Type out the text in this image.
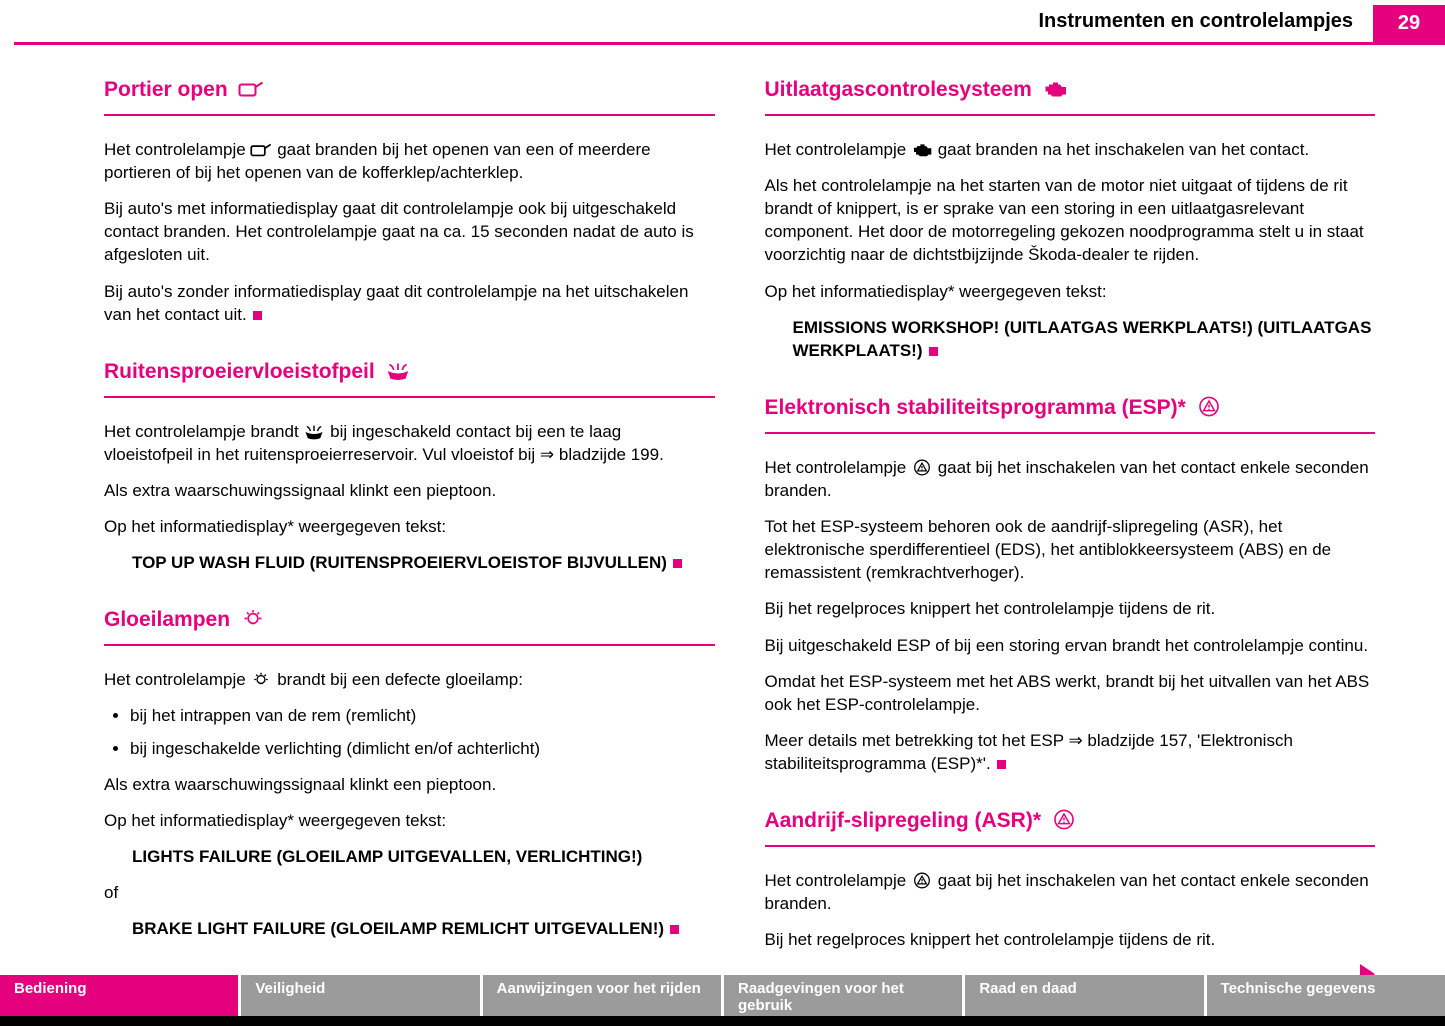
Instrumenten en controlelampjes	29
Portier open

Het controlelampje gaat branden bij het openen van een of meerdere portieren of bij het openen van de kofferklep/achterklep.

Bij auto's met informatiedisplay gaat dit controlelampje ook bij uitgeschakeld contact branden. Het controlelampje gaat na ca. 15 seconden nadat de auto is afgesloten uit.

Bij auto's zonder informatiedisplay gaat dit controlelampje na het uitschakelen van het contact uit.

Ruitensproeiervloeistofpeil

Het controlelampje brandt bij ingeschakeld contact bij een te laag vloeistofpeil in het ruitensproeierreservoir. Vul vloeistof bij ⇒ bladzijde 199.

Als extra waarschuwingssignaal klinkt een pieptoon.

Op het informatiedisplay* weergegeven tekst:

TOP UP WASH FLUID (RUITENSPROEIERVLOEISTOF BIJVULLEN)

Gloeilampen

Het controlelampje brandt bij een defecte gloeilamp:

• bij het intrappen van de rem (remlicht)
• bij ingeschakelde verlichting (dimlicht en/of achterlicht)

Als extra waarschuwingssignaal klinkt een pieptoon.

Op het informatiedisplay* weergegeven tekst:

LIGHTS FAILURE (GLOEILAMP UITGEVALLEN, VERLICHTING!)

of

BRAKE LIGHT FAILURE (GLOEILAMP REMLICHT UITGEVALLEN!)

Uitlaatgascontrolesysteem

Het controlelampje gaat branden na het inschakelen van het contact.

Als het controlelampje na het starten van de motor niet uitgaat of tijdens de rit brandt of knippert, is er sprake van een storing in een uitlaatgasrelevant component. Het door de motorregeling gekozen noodprogramma stelt u in staat voorzichtig naar de dichtstbijzijnde Škoda-dealer te rijden.

Op het informatiedisplay* weergegeven tekst:

EMISSIONS WORKSHOP! (UITLAATGAS WERKPLAATS!) (UITLAATGAS WERKPLAATS!)

Elektronisch stabiliteitsprogramma (ESP)*

Het controlelampje gaat bij het inschakelen van het contact enkele seconden branden.

Tot het ESP-systeem behoren ook de aandrijf-slipregeling (ASR), het elektronische sperdifferentieel (EDS), het antiblokkeersysteem (ABS) en de remassistent (remkrachtverhoger).

Bij het regelproces knippert het controlelampje tijdens de rit.

Bij uitgeschakeld ESP of bij een storing ervan brandt het controlelampje continu.

Omdat het ESP-systeem met het ABS werkt, brandt bij het uitvallen van het ABS ook het ESP-controlelampje.

Meer details met betrekking tot het ESP ⇒ bladzijde 157, 'Elektronisch stabiliteitsprogramma (ESP)*'.

Aandrijf-slipregeling (ASR)*

Het controlelampje gaat bij het inschakelen van het contact enkele seconden branden.

Bij het regelproces knippert het controlelampje tijdens de rit.

Bediening	Veiligheid	Aanwijzingen voor het rijden	Raadgevingen voor het gebruik
Raad en daad	Technische gegevens
